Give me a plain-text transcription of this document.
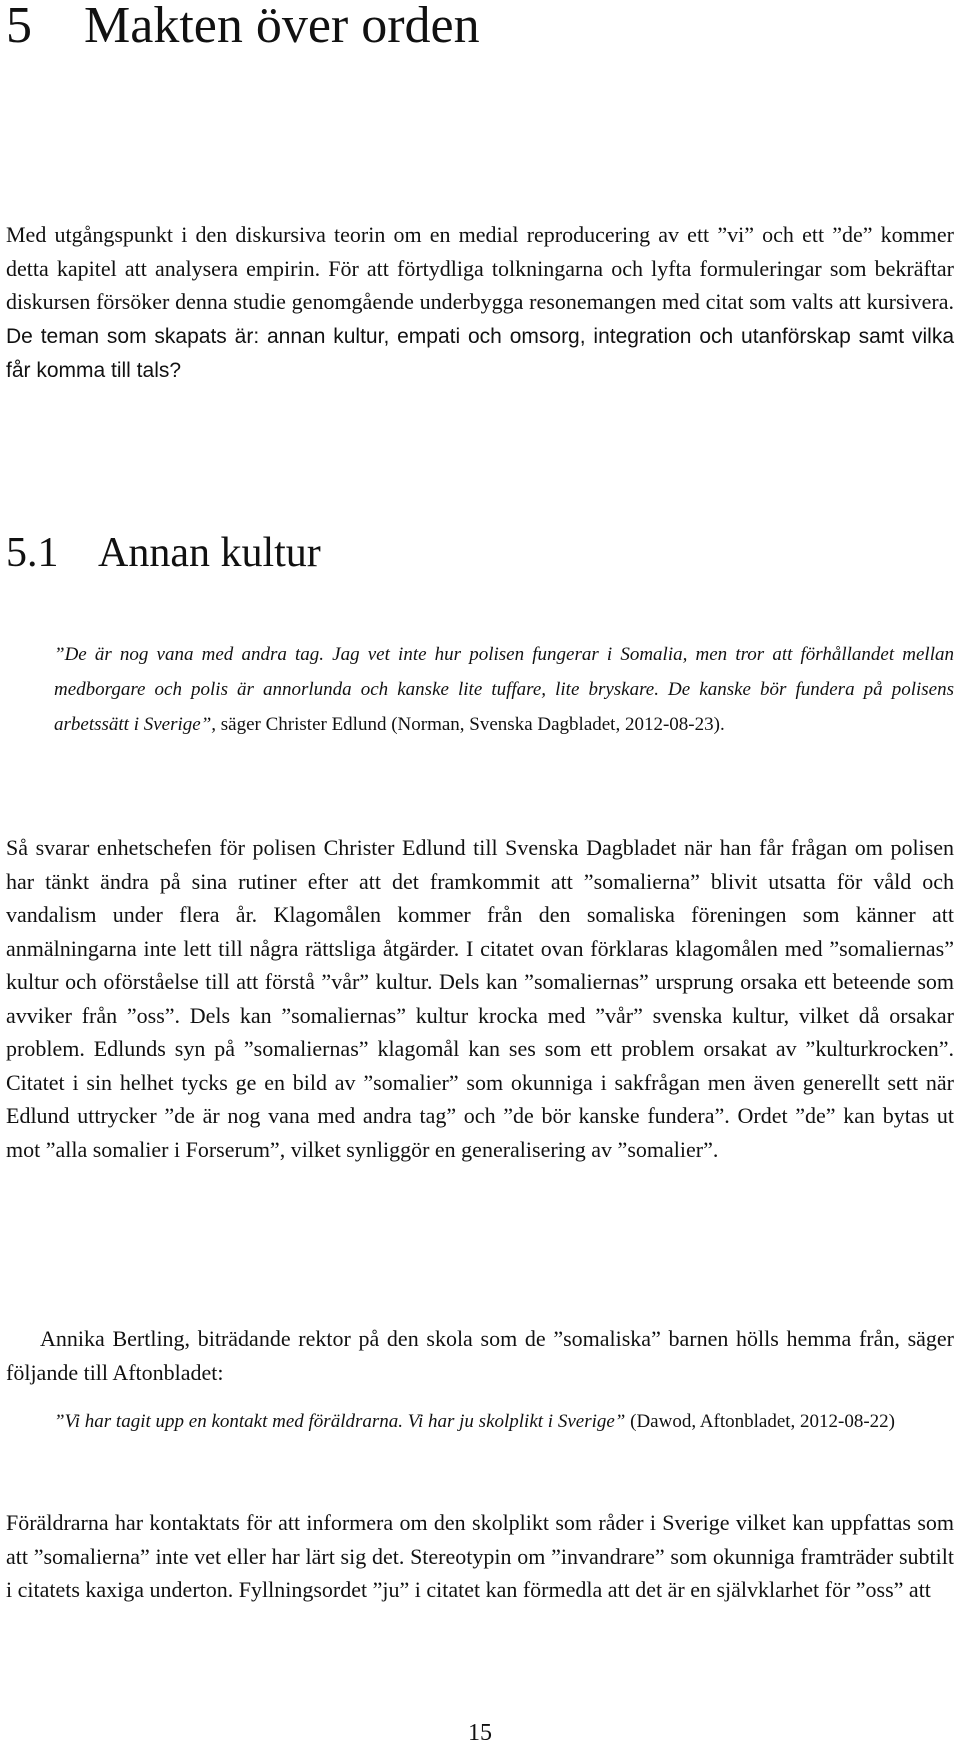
5 Makten över orden

Med utgångspunkt i den diskursiva teorin om en medial reproducering av ett ”vi” och ett ”de” kommer detta kapitel att analysera empirin. För att förtydliga tolkningarna och lyfta formuleringar som bekräftar diskursen försöker denna studie genomgående underbygga resonemangen med citat som valts att kursivera. De teman som skapats är: annan kultur, empati och omsorg, integration och utanförskap samt vilka får komma till tals?

5.1 Annan kultur

”De är nog vana med andra tag. Jag vet inte hur polisen fungerar i Somalia, men tror att förhållandet mellan medborgare och polis är annorlunda och kanske lite tuffare, lite bryskare. De kanske bör fundera på polisens arbetssätt i Sverige”, säger Christer Edlund (Norman, Svenska Dagbladet, 2012-08-23).

Så svarar enhetschefen för polisen Christer Edlund till Svenska Dagbladet när han får frågan om polisen har tänkt ändra på sina rutiner efter att det framkommit att ”somalierna” blivit utsatta för våld och vandalism under flera år. Klagomålen kommer från den somaliska föreningen som känner att anmälningarna inte lett till några rättsliga åtgärder. I citatet ovan förklaras klagomålen med ”somaliernas” kultur och oförståelse till att förstå ”vår” kultur. Dels kan ”somaliernas” ursprung orsaka ett beteende som avviker från ”oss”. Dels kan ”somaliernas” kultur krocka med ”vår” svenska kultur, vilket då orsakar problem. Edlunds syn på ”somaliernas” klagomål kan ses som ett problem orsakat av ”kulturkrocken”. Citatet i sin helhet tycks ge en bild av ”somalier” som okunniga i sakfrågan men även generellt sett när Edlund uttrycker ”de är nog vana med andra tag” och ”de bör kanske fundera”. Ordet ”de” kan bytas ut mot ”alla somalier i Forserum”, vilket synliggör en generalisering av ”somalier”.

Annika Bertling, biträdande rektor på den skola som de ”somaliska” barnen hölls hemma från, säger följande till Aftonbladet:

”Vi har tagit upp en kontakt med föräldrarna. Vi har ju skolplikt i Sverige” (Dawod, Aftonbladet, 2012-08-22)

Föräldrarna har kontaktats för att informera om den skolplikt som råder i Sverige vilket kan uppfattas som att ”somalierna” inte vet eller har lärt sig det. Stereotypin om ”invandrare” som okunniga framträder subtilt i citatets kaxiga underton. Fyllningsordet ”ju” i citatet kan förmedla att det är en självklarhet för ”oss” att

15
